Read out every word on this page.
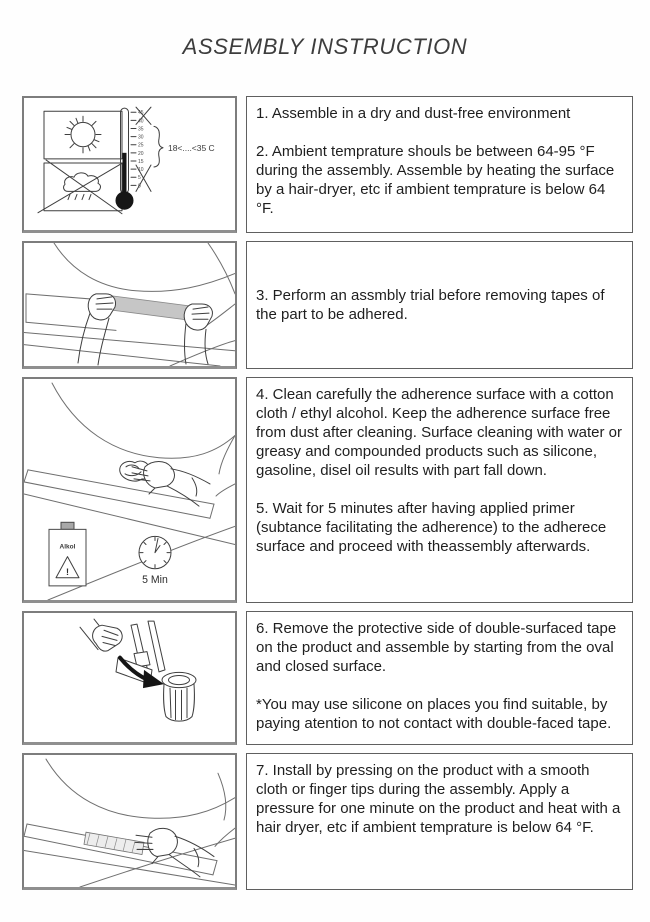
ASSEMBLY INSTRUCTION
45
40
35
30
25
20
15
10
5
0
18<....<35 C

1. Assemble in a dry and dust-free environment

2. Ambient temprature shouls be between 64-95 °F during the assembly. Assemble by heating the surface by a hair-dryer, etc if ambient temprature is below 64 °F.

3. Perform an assmbly trial before removing tapes of the part to be adhered.

Alkol
!
5 Min

4. Clean carefully the adherence surface with a cotton cloth / ethyl alcohol. Keep the adherence surface free from dust after cleaning. Surface cleaning with water or greasy and compounded products such as silicone, gasoline, disel oil results with part fall down.

5. Wait for 5 minutes after having applied primer (subtance facilitating the adherence) to the adherece surface and proceed with theassembly afterwards.

6. Remove the protective side of double-surfaced tape on the product and assemble by starting from the oval and closed surface.

*You may use silicone on places you find suitable, by paying atention to not contact with double-faced tape.

7. Install by pressing on the product with a smooth cloth or finger tips during the assembly. Apply a pressure for one minute on the product and heat with a hair dryer, etc if ambient temprature is below 64 °F.
